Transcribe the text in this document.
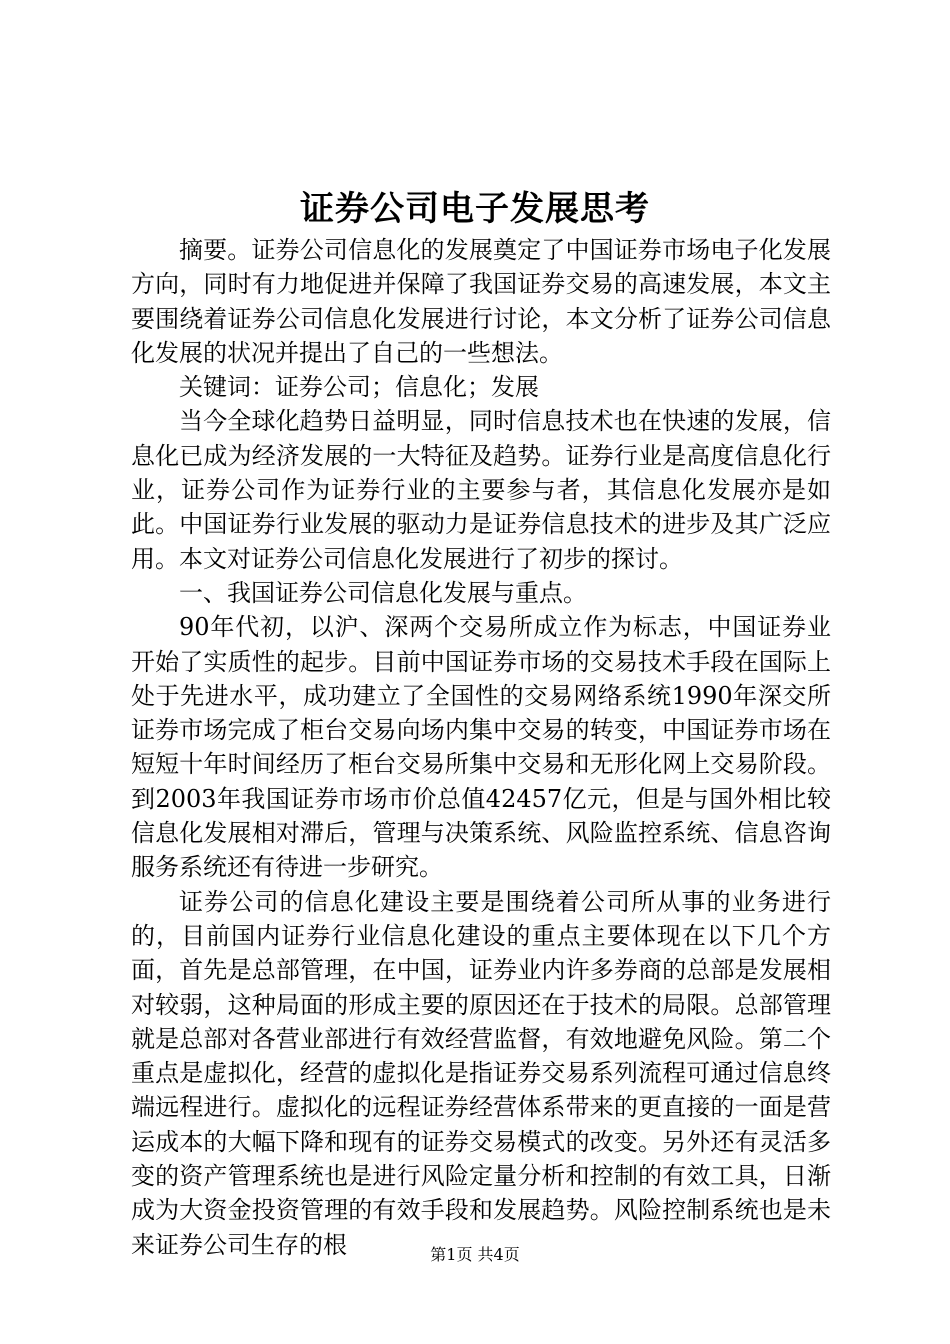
证券公司电子发展思考

摘要。证券公司信息化的发展奠定了中国证券市场电子化发展方向，同时有力地促进并保障了我国证券交易的高速发展，本文主要围绕着证券公司信息化发展进行讨论，本文分析了证券公司信息化发展的状况并提出了自己的一些想法。

关键词：证券公司；信息化；发展

当今全球化趋势日益明显，同时信息技术也在快速的发展，信息化已成为经济发展的一大特征及趋势。证券行业是高度信息化行业，证券公司作为证券行业的主要参与者，其信息化发展亦是如此。中国证券行业发展的驱动力是证券信息技术的进步及其广泛应用。本文对证券公司信息化发展进行了初步的探讨。

一、我国证券公司信息化发展与重点。

90年代初，以沪、深两个交易所成立作为标志，中国证券业开始了实质性的起步。目前中国证券市场的交易技术手段在国际上处于先进水平，成功建立了全国性的交易网络系统1990年深交所证券市场完成了柜台交易向场内集中交易的转变，中国证券市场在短短十年时间经历了柜台交易所集中交易和无形化网上交易阶段。到2003年我国证券市场市价总值42457亿元，但是与国外相比较信息化发展相对滞后，管理与决策系统、风险监控系统、信息咨询服务系统还有待进一步研究。

证券公司的信息化建设主要是围绕着公司所从事的业务进行的，目前国内证券行业信息化建设的重点主要体现在以下几个方面，首先是总部管理，在中国，证券业内许多券商的总部是发展相对较弱，这种局面的形成主要的原因还在于技术的局限。总部管理就是总部对各营业部进行有效经营监督，有效地避免风险。第二个重点是虚拟化，经营的虚拟化是指证券交易系列流程可通过信息终端远程进行。虚拟化的远程证券经营体系带来的更直接的一面是营运成本的大幅下降和现有的证券交易模式的改变。另外还有灵活多变的资产管理系统也是进行风险定量分析和控制的有效工具，日渐成为大资金投资管理的有效手段和发展趋势。风险控制系统也是未来证券公司生存的根	第1页 共4页
